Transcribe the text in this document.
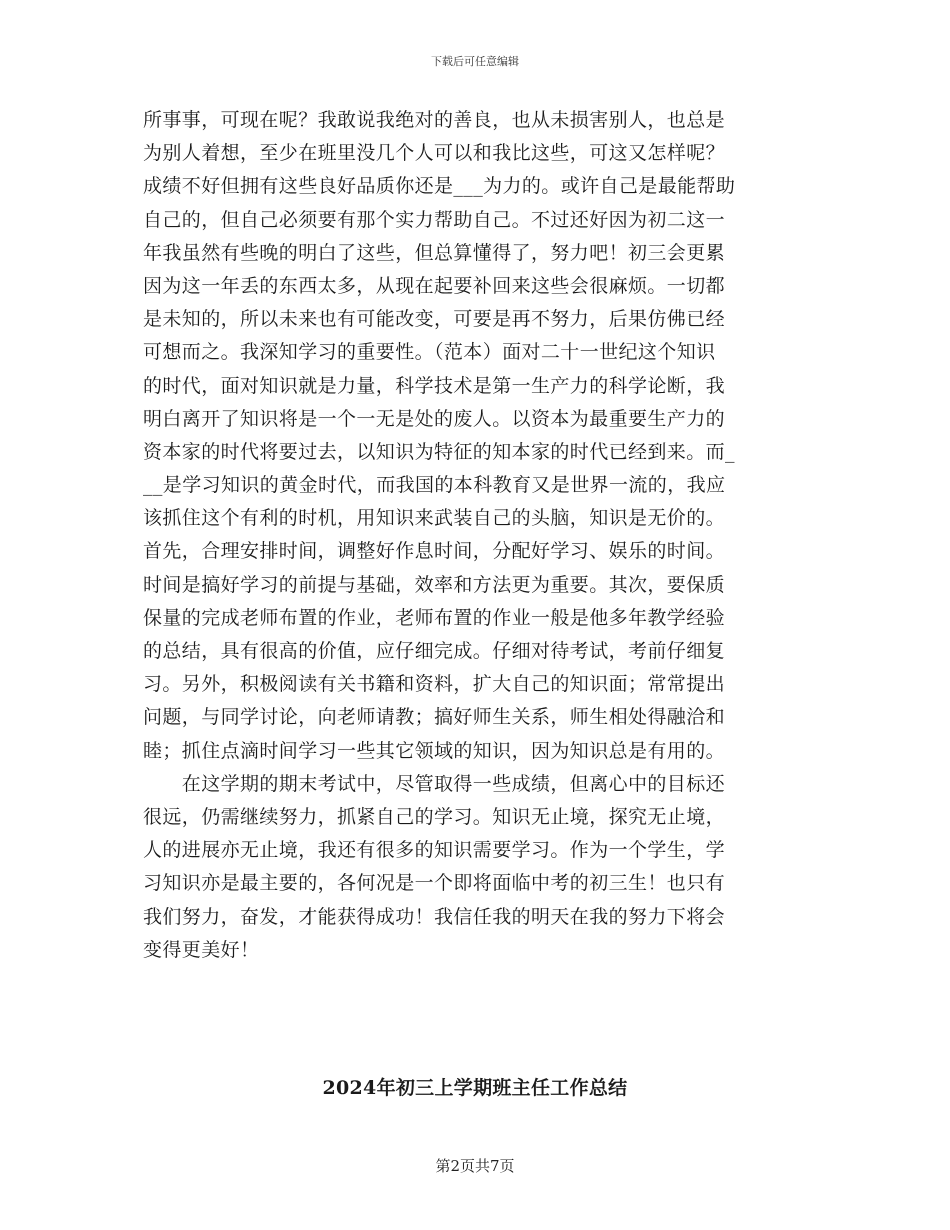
下载后可任意编辑
所事事，可现在呢？我敢说我绝对的善良，也从未损害别人，也总是
为别人着想，至少在班里没几个人可以和我比这些，可这又怎样呢？
成绩不好但拥有这些良好品质你还是___为力的。或许自己是最能帮助
自己的，但自己必须要有那个实力帮助自己。不过还好因为初二这一
年我虽然有些晚的明白了这些，但总算懂得了，努力吧！初三会更累
因为这一年丢的东西太多，从现在起要补回来这些会很麻烦。一切都
是未知的，所以未来也有可能改变，可要是再不努力，后果仿佛已经
可想而之。我深知学习的重要性。（范本）面对二十一世纪这个知识
的时代，面对知识就是力量，科学技术是第一生产力的科学论断，我
明白离开了知识将是一个一无是处的废人。以资本为最重要生产力的
资本家的时代将要过去，以知识为特征的知本家的时代已经到来。而_
__是学习知识的黄金时代，而我国的本科教育又是世界一流的，我应
该抓住这个有利的时机，用知识来武装自己的头脑，知识是无价的。
首先，合理安排时间，调整好作息时间，分配好学习、娱乐的时间。
时间是搞好学习的前提与基础，效率和方法更为重要。其次，要保质
保量的完成老师布置的作业，老师布置的作业一般是他多年教学经验
的总结，具有很高的价值，应仔细完成。仔细对待考试，考前仔细复
习。另外，积极阅读有关书籍和资料，扩大自己的知识面；常常提出
问题，与同学讨论，向老师请教；搞好师生关系，师生相处得融洽和
睦；抓住点滴时间学习一些其它领域的知识，因为知识总是有用的。
　　在这学期的期末考试中，尽管取得一些成绩，但离心中的目标还
很远，仍需继续努力，抓紧自己的学习。知识无止境，探究无止境，
人的进展亦无止境，我还有很多的知识需要学习。作为一个学生，学
习知识亦是最主要的，各何况是一个即将面临中考的初三生！也只有
我们努力，奋发，才能获得成功！我信任我的明天在我的努力下将会
变得更美好！
2024年初三上学期班主任工作总结
第2页共7页
